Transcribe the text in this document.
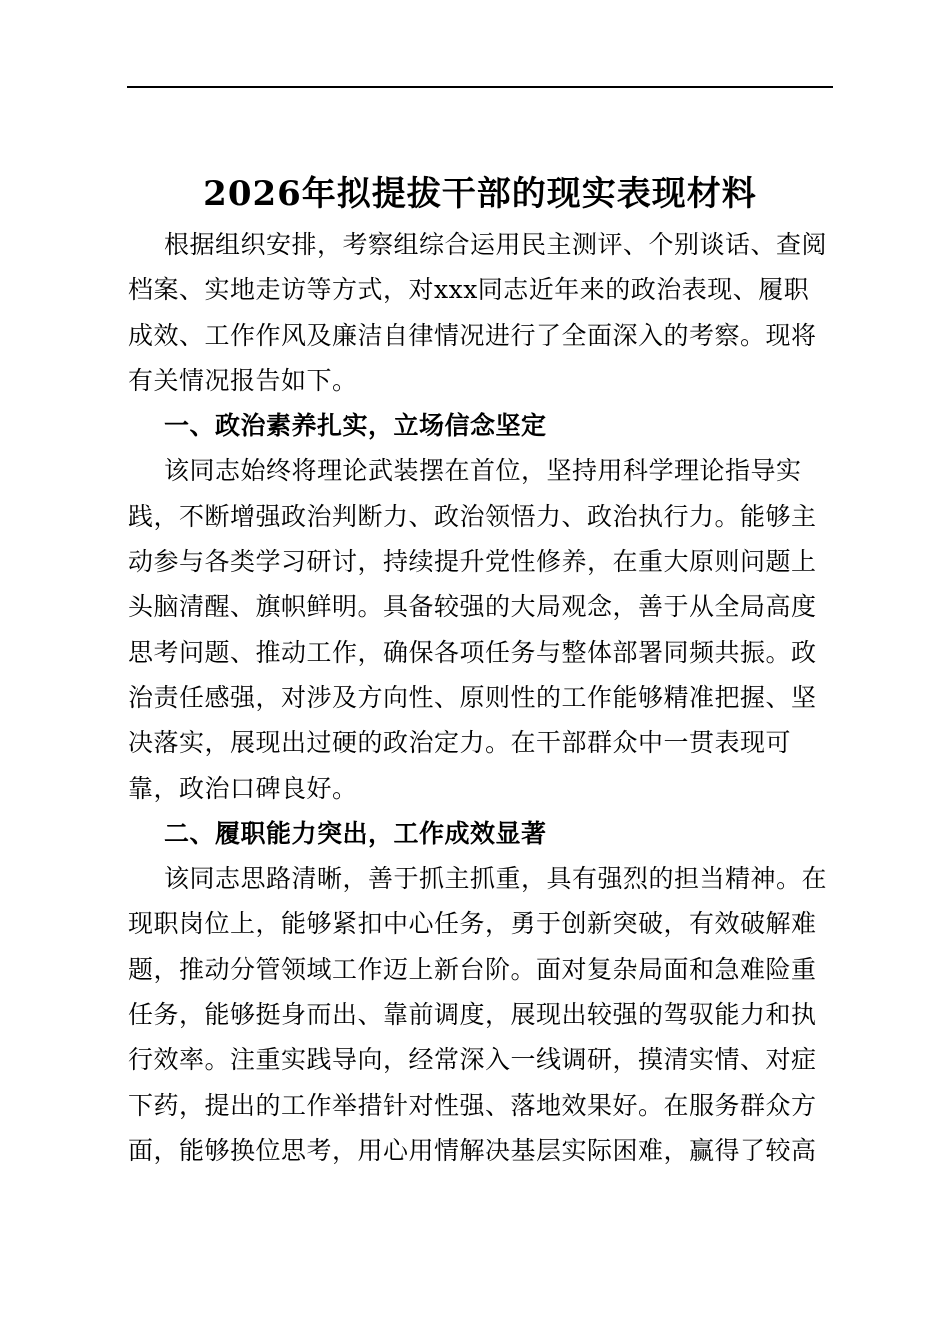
2026年拟提拔干部的现实表现材料
根据组织安排，考察组综合运用民主测评、个别谈话、查阅
档案、实地走访等方式，对xxx同志近年来的政治表现、履职
成效、工作作风及廉洁自律情况进行了全面深入的考察。现将
有关情况报告如下。
一、政治素养扎实，立场信念坚定
该同志始终将理论武装摆在首位，坚持用科学理论指导实
践，不断增强政治判断力、政治领悟力、政治执行力。能够主
动参与各类学习研讨，持续提升党性修养，在重大原则问题上
头脑清醒、旗帜鲜明。具备较强的大局观念，善于从全局高度
思考问题、推动工作，确保各项任务与整体部署同频共振。政
治责任感强，对涉及方向性、原则性的工作能够精准把握、坚
决落实，展现出过硬的政治定力。在干部群众中一贯表现可
靠，政治口碑良好。
二、履职能力突出，工作成效显著
该同志思路清晰，善于抓主抓重，具有强烈的担当精神。在
现职岗位上，能够紧扣中心任务，勇于创新突破，有效破解难
题，推动分管领域工作迈上新台阶。面对复杂局面和急难险重
任务，能够挺身而出、靠前调度，展现出较强的驾驭能力和执
行效率。注重实践导向，经常深入一线调研，摸清实情、对症
下药，提出的工作举措针对性强、落地效果好。在服务群众方
面，能够换位思考，用心用情解决基层实际困难，赢得了较高
